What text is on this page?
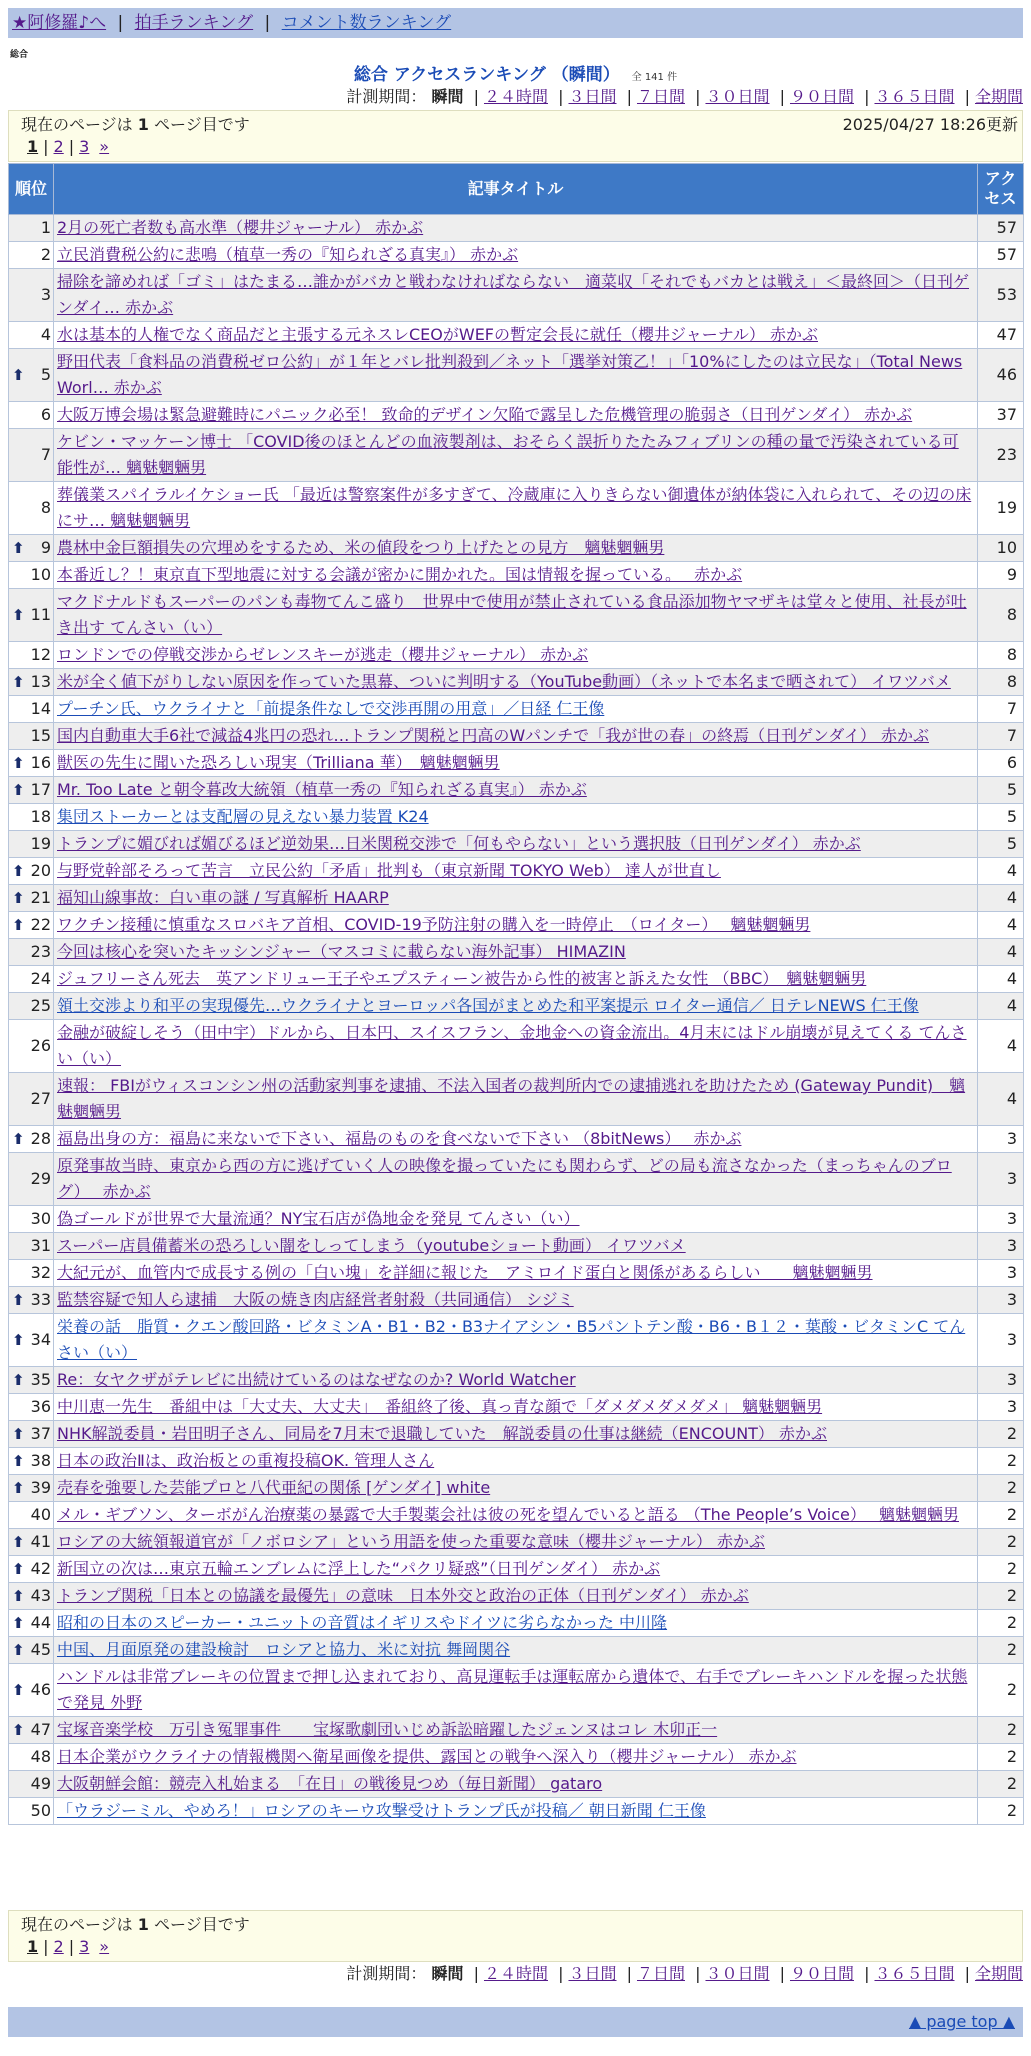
★阿修羅♪へ | 拍手ランキング | コメント数ランキング
総合
総合 アクセスランキング （瞬間） 全 141 件
計測期間： 瞬間 | ２４時間 | ３日間 | ７日間 | ３０日間 | ９０日間 | ３６５日間 | 全期間
現在のページは 1 ページ目です	2025/04/27 18:26更新
1 | 2 | 3 »
順位	記事タイトル	アクセス
1	2月の死亡者数も高水準（櫻井ジャーナル） 赤かぶ	57
2	立民消費税公約に悲鳴（植草一秀の『知られざる真実』） 赤かぶ	57
3	掃除を諦めれば「ゴミ」はたまる…誰かがバカと戦わなければならない　適菜収「それでもバカとは戦え」＜最終回＞（日刊ゲンダイ… 赤かぶ	53
4	水は基本的人権でなく商品だと主張する元ネスレCEOがWEFの暫定会長に就任（櫻井ジャーナル） 赤かぶ	47

⬆ 5	野田代表「食料品の消費税ゼロ公約」が１年とバレ批判殺到／ネット「選挙対策乙！」「10%にしたのは立民な」（Total News Worl… 赤かぶ	46
6	大阪万博会場は緊急避難時にパニック必至！ 致命的デザイン欠陥で露呈した危機管理の脆弱さ（日刊ゲンダイ） 赤かぶ	37
7	ケビン・マッケーン博士 「COVID後のほとんどの血液製剤は、おそらく誤折りたたみフィブリンの種の量で汚染されている可能性が… 魑魅魍魎男	23
8	葬儀業スパイラルイケショー氏 「最近は警察案件が多すぎて、冷蔵庫に入りきらない御遺体が納体袋に入れられて、その辺の床にサ… 魑魅魍魎男	19

⬆ 9	農林中金巨額損失の穴埋めをするため、米の値段をつり上げたとの見方　魑魅魍魎男	10
10	本番近し？！東京直下型地震に対する会議が密かに開かれた。国は情報を握っている。　 赤かぶ	9

⬆ 11	マクドナルドもスーパーのパンも毒物てんこ盛り　世界中で使用が禁止されている食品添加物ヤマザキは堂々と使用、社長が吐き出す てんさい（い）	8
12	ロンドンでの停戦交渉からゼレンスキーが逃走（櫻井ジャーナル） 赤かぶ	8

⬆ 13	米が全く値下がりしない原因を作っていた黒幕、ついに判明する（YouTube動画）（ネットで本名まで晒されて） イワツバメ	8
14	プーチン氏、ウクライナと「前提条件なしで交渉再開の用意」／日経 仁王像	7
15	国内自動車大手6社で減益4兆円の恐れ…トランプ関税と円高のWパンチで「我が世の春」の終焉（日刊ゲンダイ） 赤かぶ	7

⬆ 16	獣医の先生に聞いた恐ろしい現実（Trilliana 華）　魑魅魍魎男	6

⬆ 17	Mr. Too Late と朝令暮改大統領（植草一秀の『知られざる真実』） 赤かぶ	5
18	集団ストーカーとは支配層の見えない暴力装置 K24	5
19	トランプに媚びれば媚びるほど逆効果…日米関税交渉で「何もやらない」という選択肢（日刊ゲンダイ） 赤かぶ	5

⬆ 20	与野党幹部そろって苦言　立民公約「矛盾」批判も（東京新聞 TOKYO Web） 達人が世直し	4

⬆ 21	福知山線事故：白い車の謎 / 写真解析 HAARP	4

⬆ 22	ワクチン接種に慎重なスロバキア首相、COVID-19予防注射の購入を一時停止　（ロイター）　 魑魅魍魎男	4
23	今回は核心を突いたキッシンジャー（マスコミに載らない海外記事） HIMAZIN	4
24	ジュフリーさん死去　英アンドリュー王子やエプスティーン被告から性的被害と訴えた女性 （BBC）　魑魅魍魎男	4
25	領土交渉より和平の実現優先…ウクライナとヨーロッパ各国がまとめた和平案提示 ロイター通信／ 日テレNEWS 仁王像	4
26	金融が破綻しそう（田中宇）ドルから、日本円、スイスフラン、金地金への資金流出。4月末にはドル崩壊が見えてくる てんさい（い）	4
27	速報： FBIがウィスコンシン州の活動家判事を逮捕、不法入国者の裁判所内での逮捕逃れを助けたため (Gateway Pundit)　魑魅魍魎男	4

⬆ 28	福島出身の方：福島に来ないで下さい、福島のものを食べないで下さい （8bitNews）　 赤かぶ	3
29	原発事故当時、東京から西の方に逃げていく人の映像を撮っていたにも関わらず、どの局も流さなかった（まっちゃんのブログ）　 赤かぶ	3
30	偽ゴールドが世界で大量流通？NY宝石店が偽地金を発見 てんさい（い）	3
31	スーパー店員備蓄米の恐ろしい闇をしってしまう（youtubeショート動画） イワツバメ	3
32	大紀元が、血管内で成長する例の「白い塊」を詳細に報じた　アミロイド蛋白と関係があるらしい　　魑魅魍魎男	3

⬆ 33	監禁容疑で知人ら逮捕　大阪の焼き肉店経営者射殺（共同通信） シジミ	3

⬆ 34	栄養の話　脂質・クエン酸回路・ビタミンA・B1・B2・B3ナイアシン・B5パントテン酸・B6・B１２・葉酸・ビタミンC てんさい（い）	3

⬆ 35	Re：女ヤクザがテレビに出続けているのはなぜなのか? World Watcher	3
36	中川恵一先生　番組中は「大丈夫、大丈夫」　番組終了後、真っ青な顔で「ダメダメダメダメ」 魑魅魍魎男	3

⬆ 37	NHK解説委員・岩田明子さん、同局を7月末で退職していた　解説委員の仕事は継続（ENCOUNT） 赤かぶ	2

⬆ 38	日本の政治Ⅱは、政治板との重複投稿OK. 管理人さん	2

⬆ 39	売春を強要した芸能プロと八代亜紀の関係 [ゲンダイ] white	2
40	メル・ギブソン、ターボがん治療薬の暴露で大手製薬会社は彼の死を望んでいると語る （The People’s Voice）　 魑魅魍魎男	2

⬆ 41	ロシアの大統領報道官が「ノボロシア」という用語を使った重要な意味（櫻井ジャーナル） 赤かぶ	2

⬆ 42	新国立の次は…東京五輪エンブレムに浮上した“パクリ疑惑”（日刊ゲンダイ） 赤かぶ	2

⬆ 43	トランプ関税「日本との協議を最優先」の意味　日本外交と政治の正体（日刊ゲンダイ） 赤かぶ	2

⬆ 44	昭和の日本のスピーカー・ユニットの音質はイギリスやドイツに劣らなかった 中川隆	2

⬆ 45	中国、月面原発の建設検討　ロシアと協力、米に対抗 舞岡関谷	2

⬆ 46	ハンドルは非常ブレーキの位置まで押し込まれており、高見運転手は運転席から遺体で、右手でブレーキハンドルを握った状態で発見 外野	2

⬆ 47	宝塚音楽学校　万引き冤罪事件　　宝塚歌劇団いじめ訴訟暗躍したジェンヌはコレ 木卯正一	2
48	日本企業がウクライナの情報機関へ衛星画像を提供、露国との戦争へ深入り（櫻井ジャーナル） 赤かぶ	2
49	大阪朝鮮会館：競売入札始まる　「在日」の戦後見つめ（毎日新聞） gataro	2
50	「ウラジーミル、やめろ！」ロシアのキーウ攻撃受けトランプ氏が投稿／ 朝日新聞 仁王像	2
現在のページは 1 ページ目です
1 | 2 | 3 »
計測期間： 瞬間 | ２４時間 | ３日間 | ７日間 | ３０日間 | ９０日間 | ３６５日間 | 全期間
▲ page top ▲
